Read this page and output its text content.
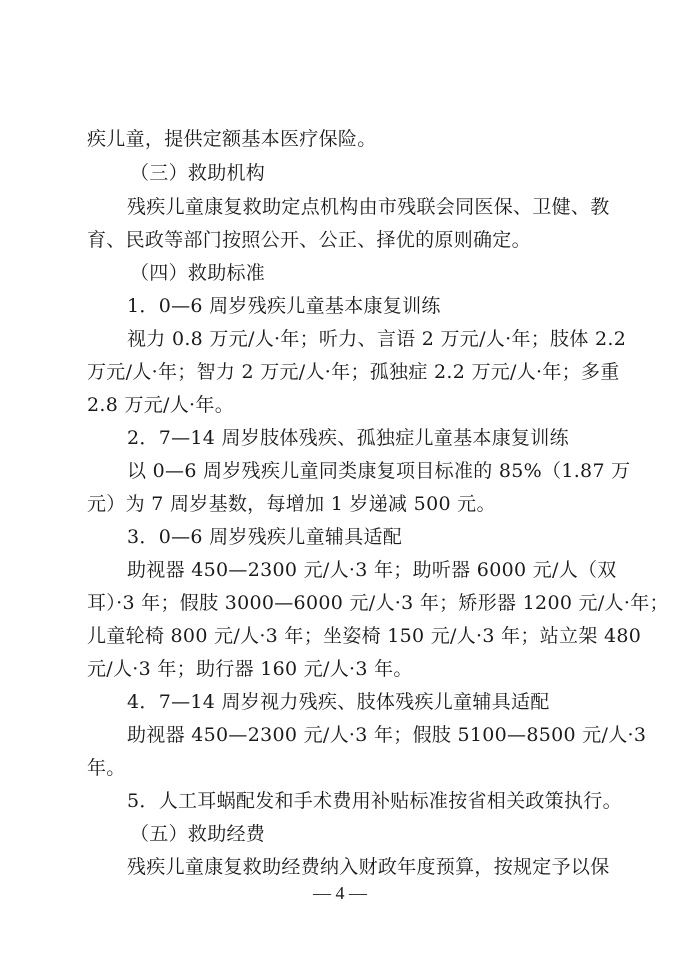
疾儿童，提供定额基本医疗保险。
（三）救助机构
残疾儿童康复救助定点机构由市残联会同医保、卫健、教
育、民政等部门按照公开、公正、择优的原则确定。
（四）救助标准
1．0—6 周岁残疾儿童基本康复训练
视力 0.8 万元/人·年；听力、言语 2 万元/人·年；肢体 2.2
万元/人·年；智力 2 万元/人·年；孤独症 2.2 万元/人·年；多重
2.8 万元/人·年。
2．7—14 周岁肢体残疾、孤独症儿童基本康复训练
以 0—6 周岁残疾儿童同类康复项目标准的 85%（1.87 万
元）为 7 周岁基数，每增加 1 岁递减 500 元。
3．0—6 周岁残疾儿童辅具适配
助视器 450—2300 元/人·3 年；助听器 6000 元/人（双
耳）·3 年；假肢 3000—6000 元/人·3 年；矫形器 1200 元/人·年；
儿童轮椅 800 元/人·3 年；坐姿椅 150 元/人·3 年；站立架 480
元/人·3 年；助行器 160 元/人·3 年。
4．7—14 周岁视力残疾、肢体残疾儿童辅具适配
助视器 450—2300 元/人·3 年；假肢 5100—8500 元/人·3
年。
5．人工耳蜗配发和手术费用补贴标准按省相关政策执行。
（五）救助经费
残疾儿童康复救助经费纳入财政年度预算，按规定予以保
— 4 —
